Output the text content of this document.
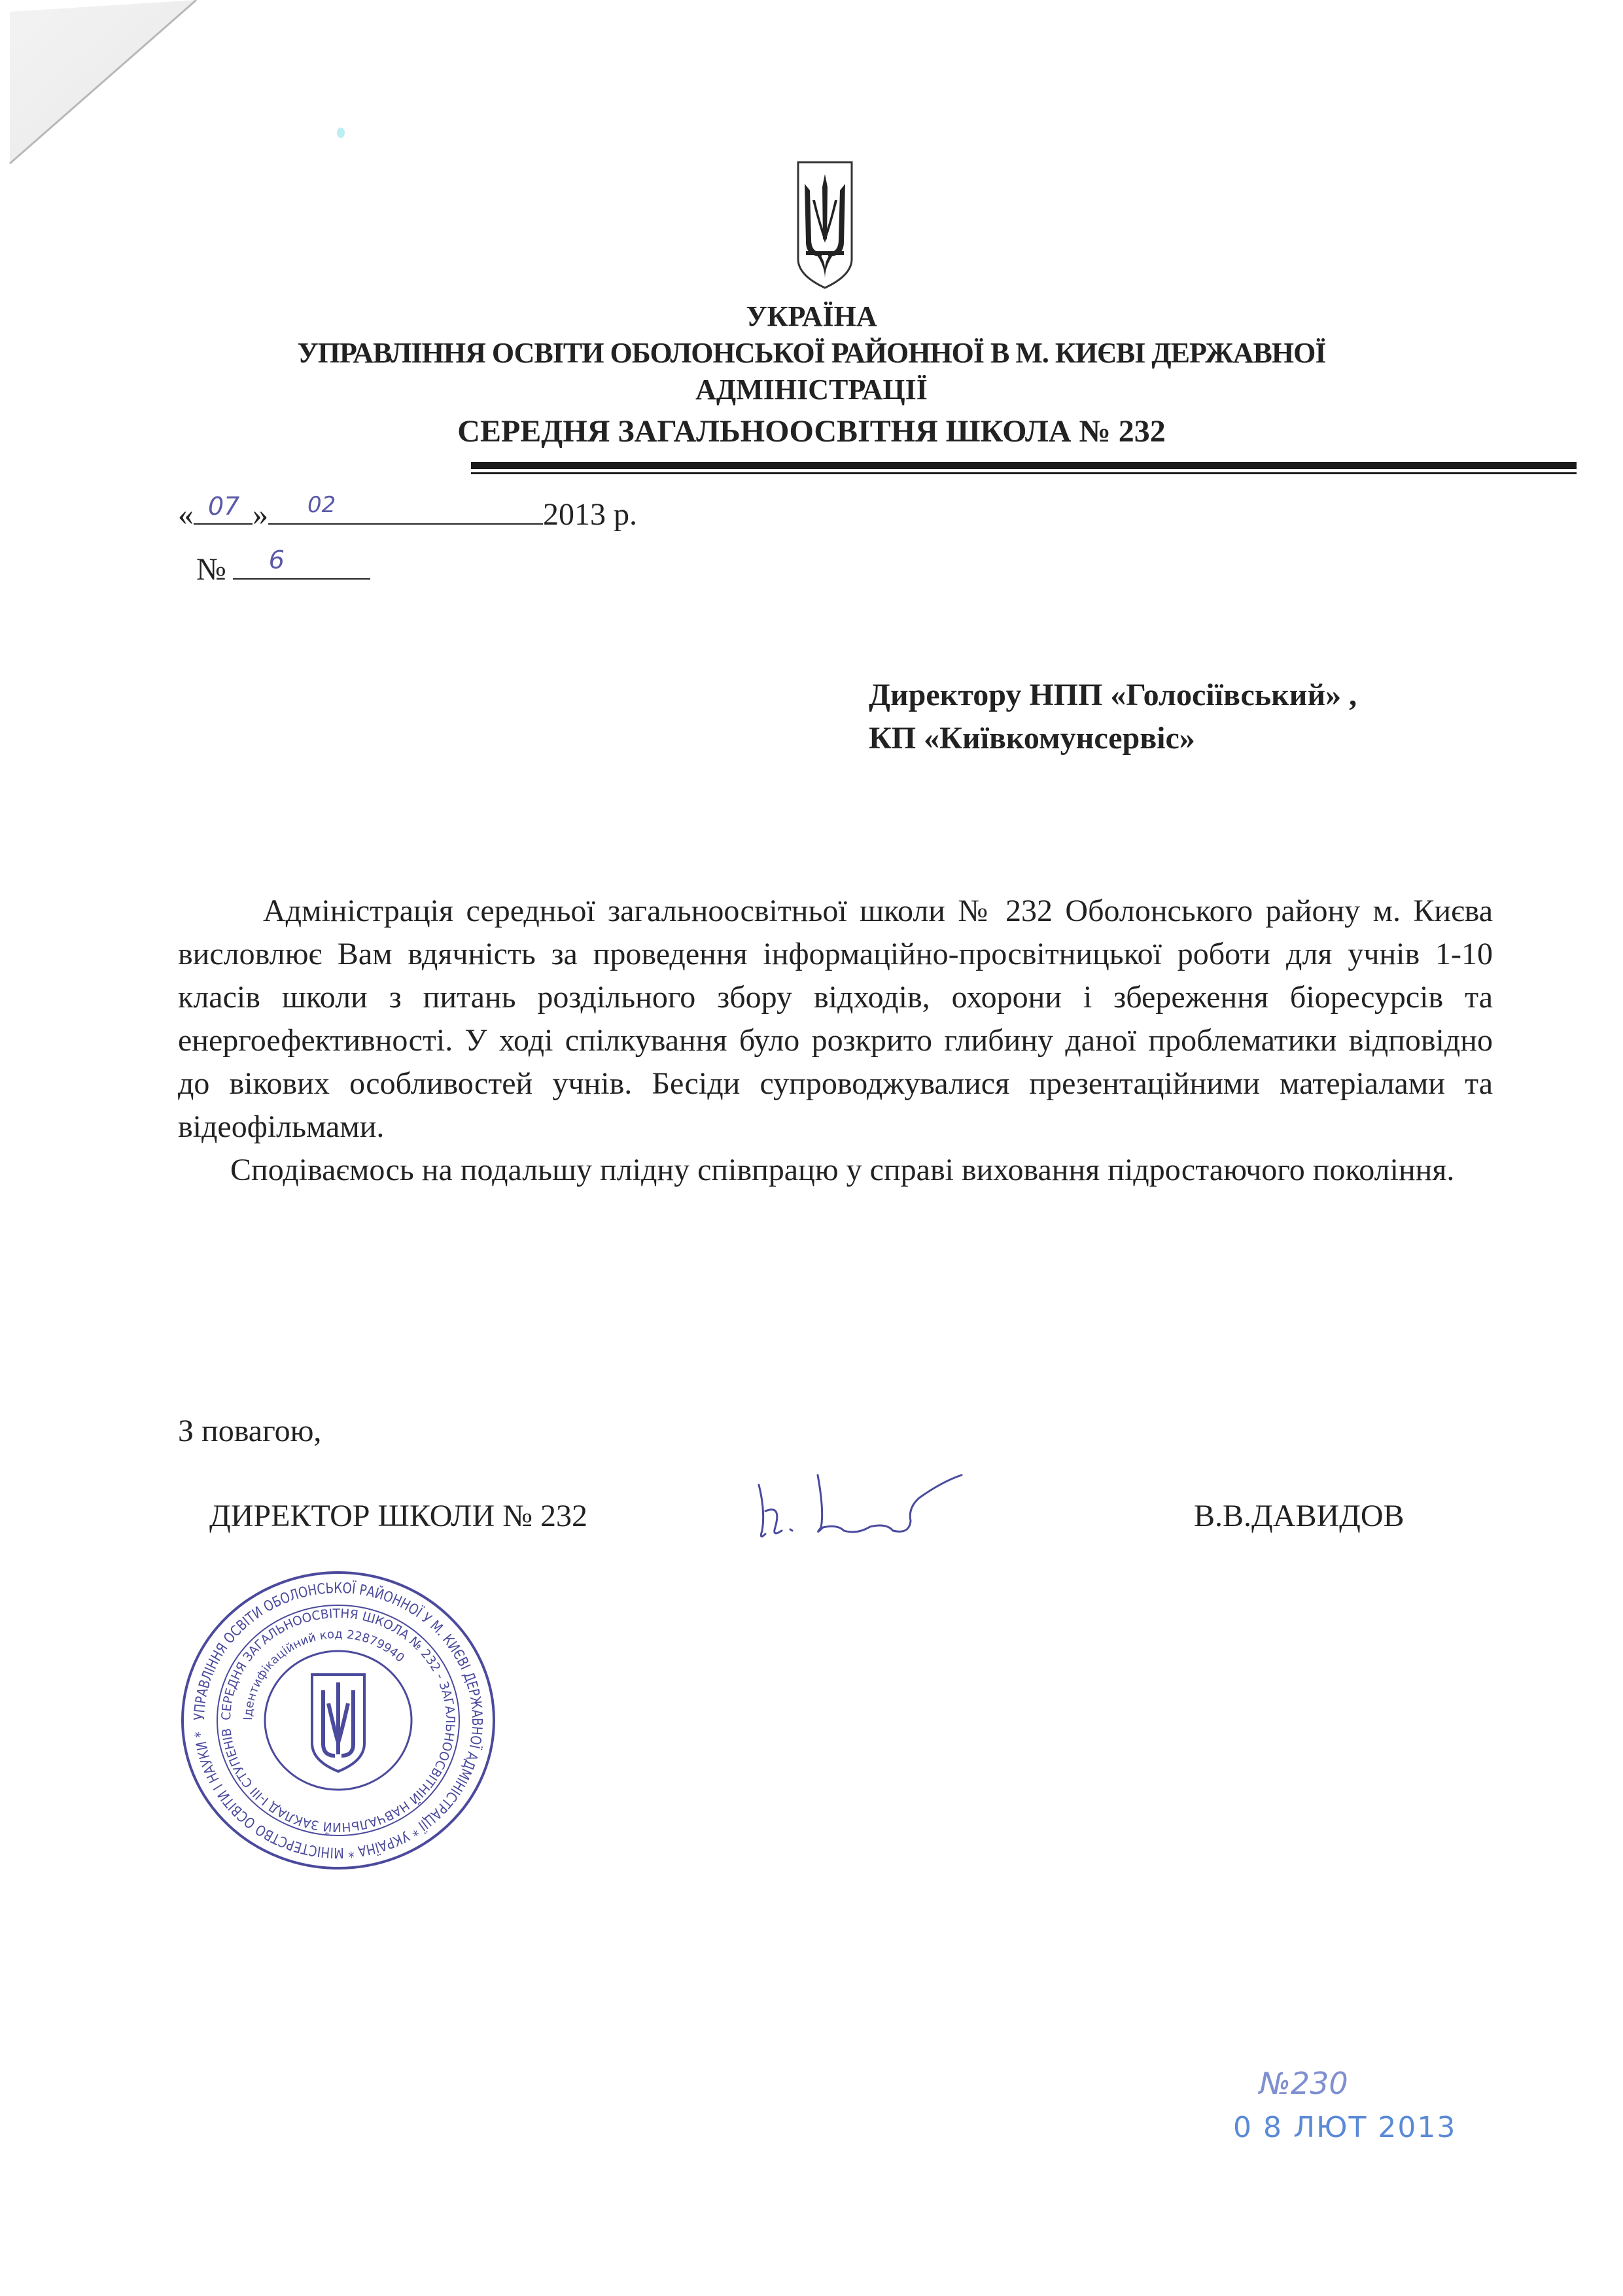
УКРАЇНА
УПРАВЛІННЯ ОСВІТИ ОБОЛОНСЬКОЇ РАЙОННОЇ В М. КИЄВІ ДЕРЖАВНОЇ
АДМІНІСТРАЦІЇ
СЕРЕДНЯ ЗАГАЛЬНООСВІТНЯ ШКОЛА № 232
« 07 » 02	2013 р.
№ 6
Директору НПП «Голосіївський» ,
КП «Київкомунсервіс»

Адміністрація середньої загальноосвітньої школи № 232 Оболонського району м. Києва висловлює Вам вдячність за проведення інформаційно-просвітницької роботи для учнів 1-10 класів школи з питань роздільного збору відходів, охорони і збереження біоресурсів та енергоефективності. У ході спілкування було розкрито глибину даної проблематики відповідно до вікових особливостей учнів. Бесіди супроводжувалися презентаційними матеріалами та відеофільмами.

Сподіваємось на подальшу плідну співпрацю у справі виховання підростаючого покоління.

З повагою,
ДИРЕКТОР ШКОЛИ № 232	В.В.ДАВИДОВ
УПРАВЛІННЯ ОСВІТИ ОБОЛОНСЬКОЇ РАЙОННОЇ У М. КИЄВІ ДЕРЖАВНОЇ АДМІНІСТРАЦІЇ * УКРАЇНА * МІНІСТЕРСТВО ОСВІТИ І НАУКИ *
СЕРЕДНЯ ЗАГАЛЬНООСВІТНЯ ШКОЛА № 232 - ЗАГАЛЬНООСВІТНІЙ НАВЧАЛЬНИЙ ЗАКЛАД І-ІІІ СТУПЕНІВ
Ідентифікаційний код 22879940
№230
0 8 ЛЮТ 2013
